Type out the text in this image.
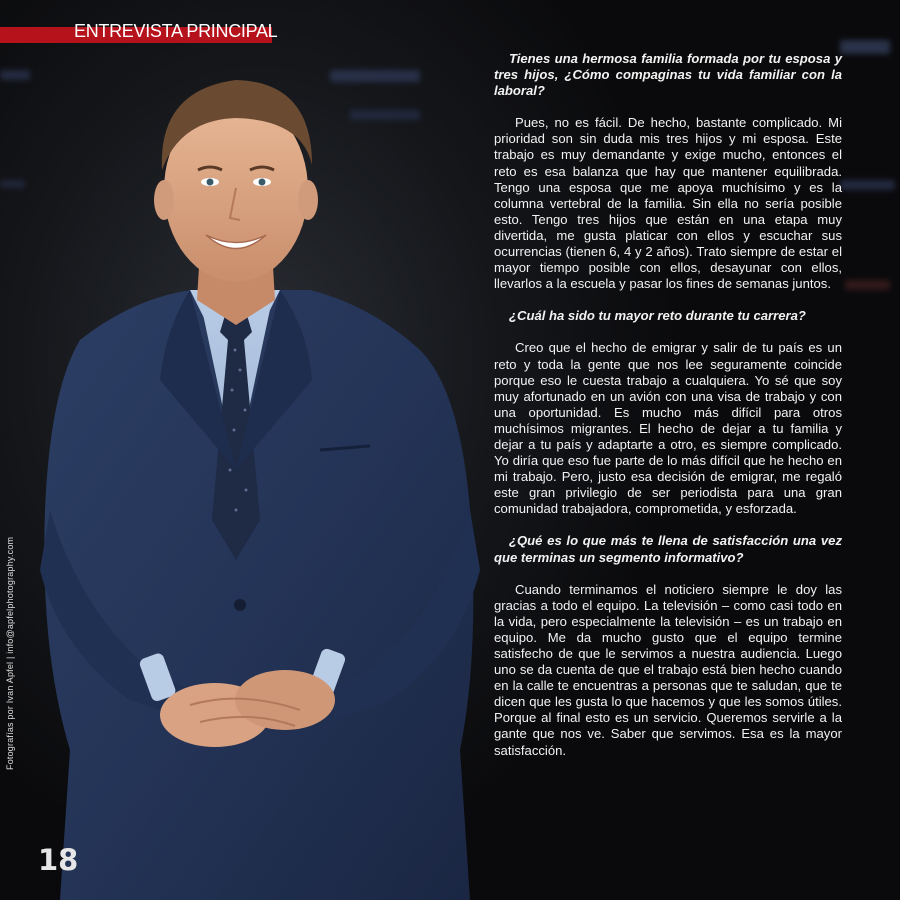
ENTREVISTA PRINCIPAL
Fotografías por Ivan Apfel | info@apfelphotography.com
18

Tienes una hermosa familia formada por tu esposa y tres hijos, ¿Cómo compaginas tu vida familiar con la laboral?

Pues, no es fácil. De hecho, bastante complicado. Mi prioridad son sin duda mis tres hijos y mi esposa. Este trabajo es muy demandante y exige mucho, entonces el reto es esa balanza que hay que mantener equilibrada. Tengo una esposa que me apoya muchísimo y es la columna vertebral de la familia. Sin ella no sería posible esto. Tengo tres hijos que están en una etapa muy divertida, me gusta platicar con ellos y escuchar sus ocurrencias (tienen 6, 4 y 2 años). Trato siempre de estar el mayor tiempo posible con ellos, desayunar con ellos, llevarlos a la escuela y pasar los fines de semanas juntos.

¿Cuál ha sido tu mayor reto durante tu carrera?

Creo que el hecho de emigrar y salir de tu país es un reto y toda la gente que nos lee seguramente coincide porque eso le cuesta trabajo a cualquiera. Yo sé que soy muy afortunado en un avión con una visa de trabajo y con una oportunidad. Es mucho más difícil para otros muchísimos migrantes. El hecho de dejar a tu familia y dejar a tu país y adaptarte a otro, es siempre complicado. Yo diría que eso fue parte de lo más difícil que he hecho en mi trabajo. Pero, justo esa decisión de emigrar, me regaló este gran privilegio de ser periodista para una gran comunidad trabajadora, comprometida, y esforzada.

¿Qué es lo que más te llena de satisfacción una vez que terminas un segmento informativo?

Cuando terminamos el noticiero siempre le doy las gracias a todo el equipo. La televisión – como casi todo en la vida, pero especialmente la televisión – es un trabajo en equipo. Me da mucho gusto que el equipo termine satisfecho de que le servimos a nuestra audiencia. Luego uno se da cuenta de que el trabajo está bien hecho cuando en la calle te encuentras a personas que te saludan, que te dicen que les gusta lo que hacemos y que les somos útiles. Porque al final esto es un servicio. Queremos servirle a la gante que nos ve. Saber que servimos. Esa es la mayor satisfacción.
